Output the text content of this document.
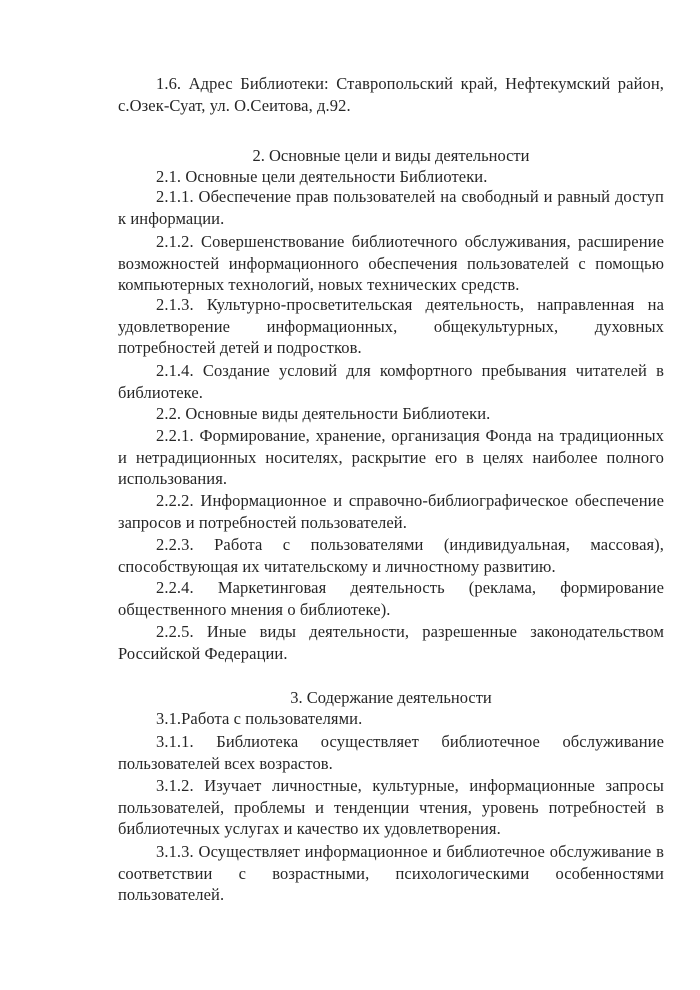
1.6. Адрес Библиотеки: Ставропольский край, Нефтекумский район, с.Озек-Суат, ул. О.Сеитова, д.92.

2. Основные цели и виды деятельности

2.1. Основные цели деятельности Библиотеки.

2.1.1. Обеспечение прав пользователей на свободный и равный доступ к информации.

2.1.2. Совершенствование библиотечного обслуживания, расширение возможностей информационного обеспечения пользователей с помощью компьютерных технологий, новых технических средств.

2.1.3. Культурно-просветительская деятельность, направленная на удовлетворение информационных, общекультурных, духовных потребностей детей и подростков.

2.1.4. Создание условий для комфортного пребывания читателей в библиотеке.

2.2. Основные виды деятельности Библиотеки.

2.2.1. Формирование, хранение, организация Фонда на традиционных и нетрадиционных носителях, раскрытие его в целях наиболее полного использования.

2.2.2. Информационное и справочно-библиографическое обеспечение запросов и потребностей пользователей.

2.2.3. Работа с пользователями (индивидуальная, массовая), способствующая их читательскому и личностному развитию.

2.2.4. Маркетинговая деятельность (реклама, формирование общественного мнения о библиотеке).

2.2.5. Иные виды деятельности, разрешенные законодательством Российской Федерации.

3. Содержание деятельности

3.1.Работа с пользователями.

3.1.1. Библиотека осуществляет библиотечное обслуживание пользователей всех возрастов.

3.1.2. Изучает личностные, культурные, информационные запросы пользователей, проблемы и тенденции чтения, уровень потребностей в библиотечных услугах и качество их удовлетворения.

3.1.3. Осуществляет информационное и библиотечное обслуживание в соответствии с возрастными, психологическими особенностями пользователей.
